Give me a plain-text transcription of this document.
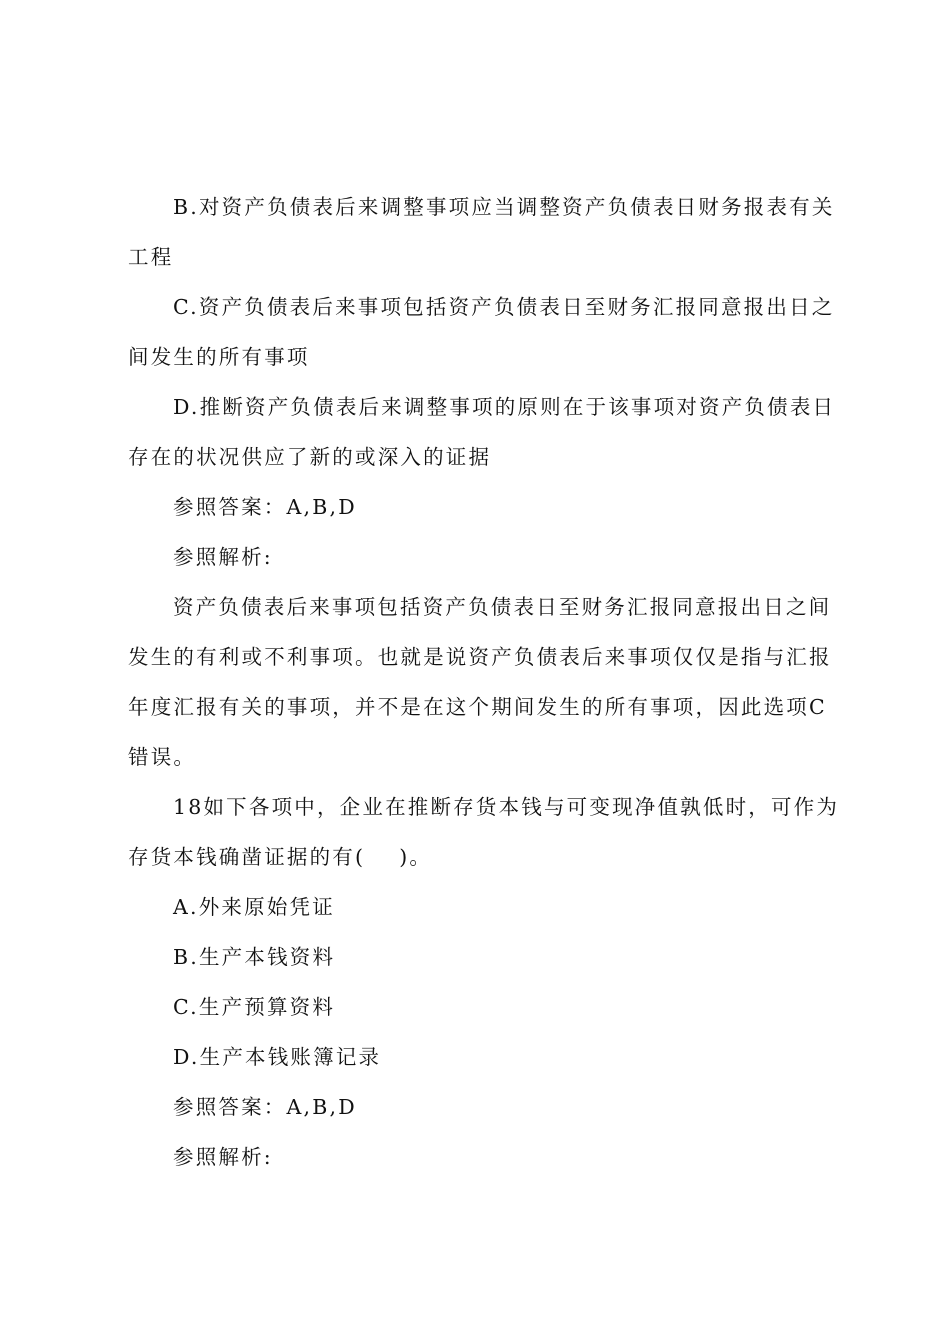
B.对资产负债表后来调整事项应当调整资产负债表日财务报表有关
工程

C.资产负债表后来事项包括资产负债表日至财务汇报同意报出日之
间发生的所有事项

D.推断资产负债表后来调整事项的原则在于该事项对资产负债表日
存在的状况供应了新的或深入的证据

参照答案：A,B,D

参照解析:

资产负债表后来事项包括资产负债表日至财务汇报同意报出日之间
发生的有利或不利事项。也就是说资产负债表后来事项仅仅是指与汇报
年度汇报有关的事项，并不是在这个期间发生的所有事项，因此选项C
错误。

18如下各项中，企业在推断存货本钱与可变现净值孰低时，可作为
存货本钱确凿证据的有( )。

A.外来原始凭证

B.生产本钱资料

C.生产预算资料

D.生产本钱账簿记录

参照答案：A,B,D

参照解析:
